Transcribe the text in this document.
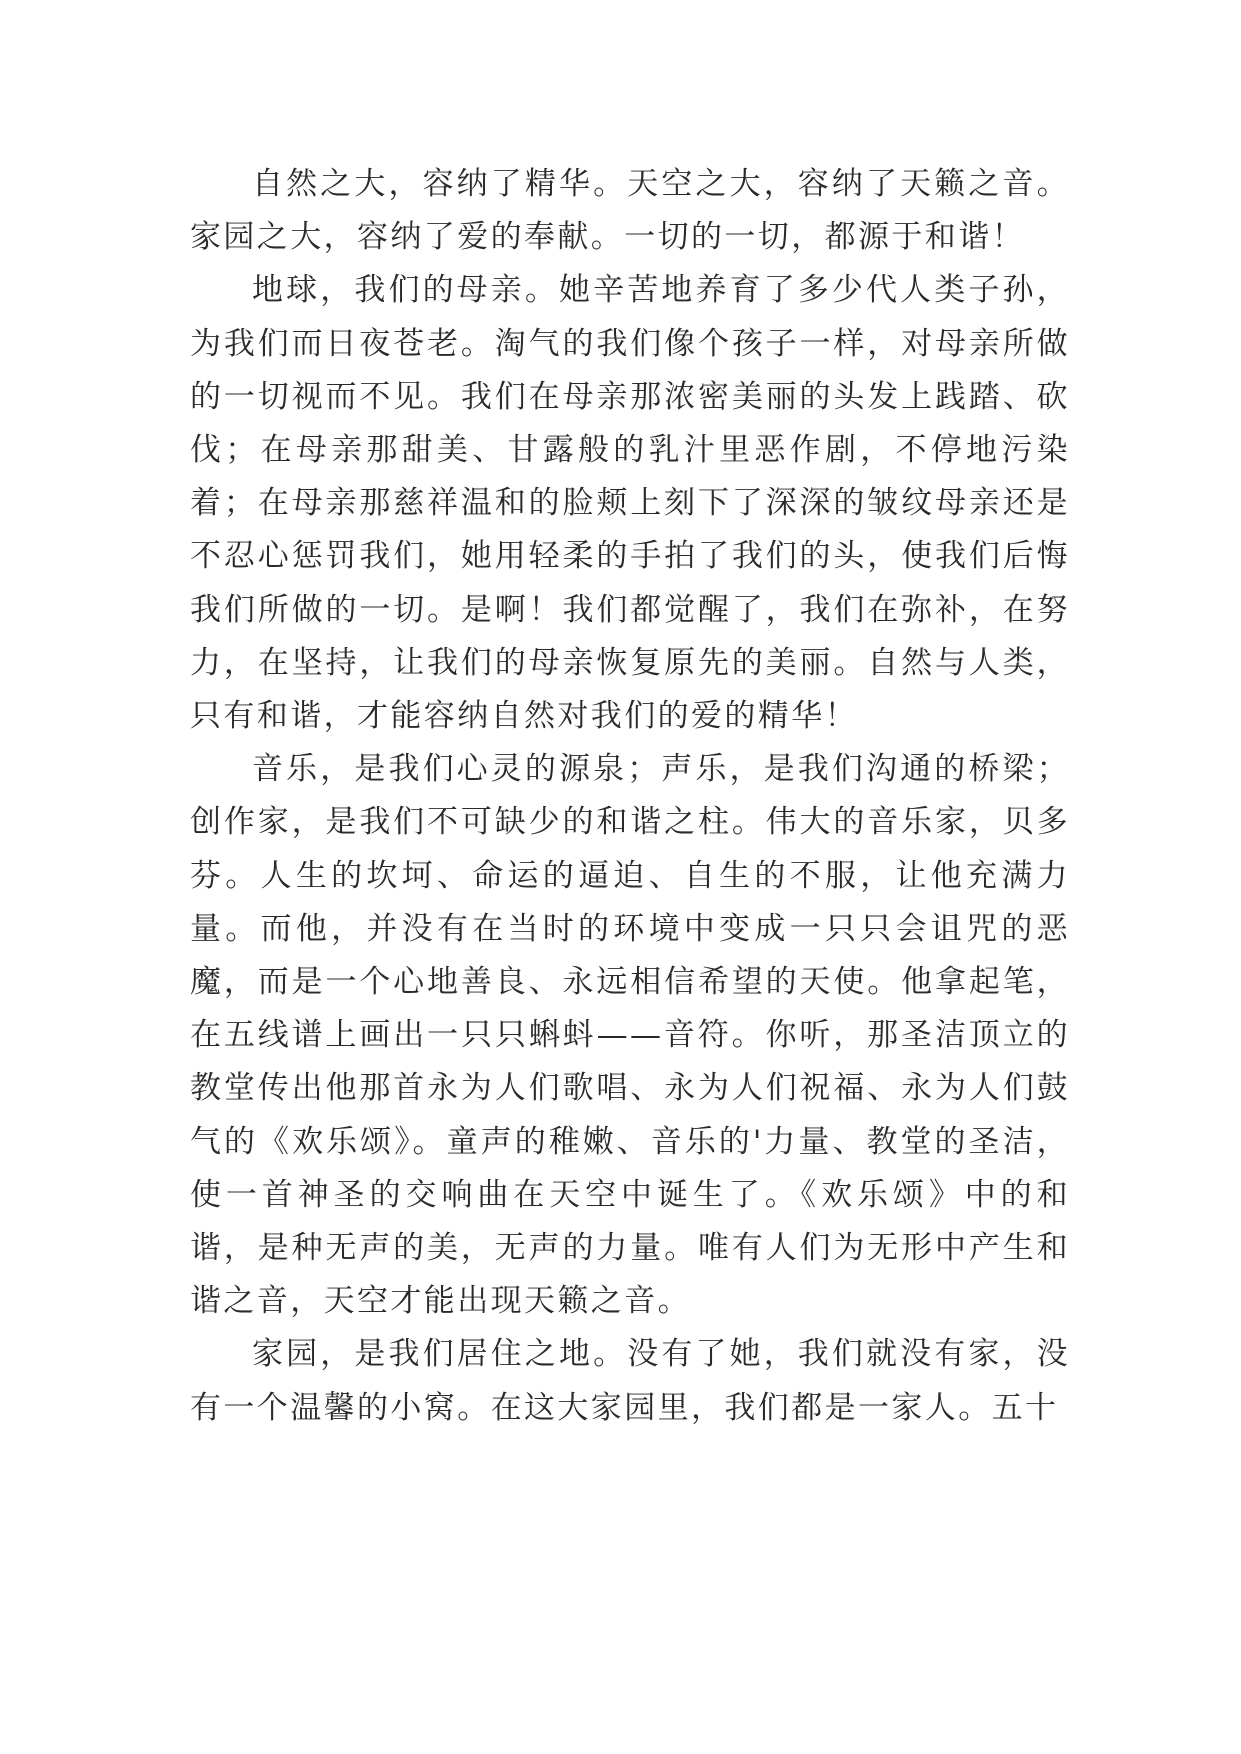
自然之大，容纳了精华。天空之大，容纳了天籁之音。家园之大，容纳了爱的奉献。一切的一切，都源于和谐！

地球，我们的母亲。她辛苦地养育了多少代人类子孙，为我们而日夜苍老。淘气的我们像个孩子一样，对母亲所做的一切视而不见。我们在母亲那浓密美丽的头发上践踏、砍伐；在母亲那甜美、甘露般的乳汁里恶作剧，不停地污染着；在母亲那慈祥温和的脸颊上刻下了深深的皱纹母亲还是不忍心惩罚我们，她用轻柔的手拍了我们的头，使我们后悔我们所做的一切。是啊！我们都觉醒了，我们在弥补，在努力，在坚持，让我们的母亲恢复原先的美丽。自然与人类，只有和谐，才能容纳自然对我们的爱的精华！

音乐，是我们心灵的源泉；声乐，是我们沟通的桥梁；创作家，是我们不可缺少的和谐之柱。伟大的音乐家，贝多芬。人生的坎坷、命运的逼迫、自生的不服，让他充满力量。而他，并没有在当时的环境中变成一只只会诅咒的恶魔，而是一个心地善良、永远相信希望的天使。他拿起笔，在五线谱上画出一只只蝌蚪——音符。你听，那圣洁顶立的教堂传出他那首永为人们歌唱、永为人们祝福、永为人们鼓气的《欢乐颂》。童声的稚嫩、音乐的'力量、教堂的圣洁，使一首神圣的交响曲在天空中诞生了。《欢乐颂》中的和谐，是种无声的美，无声的力量。唯有人们为无形中产生和谐之音，天空才能出现天籁之音。

家园，是我们居住之地。没有了她，我们就没有家，没有一个温馨的小窝。在这大家园里，我们都是一家人。五十
